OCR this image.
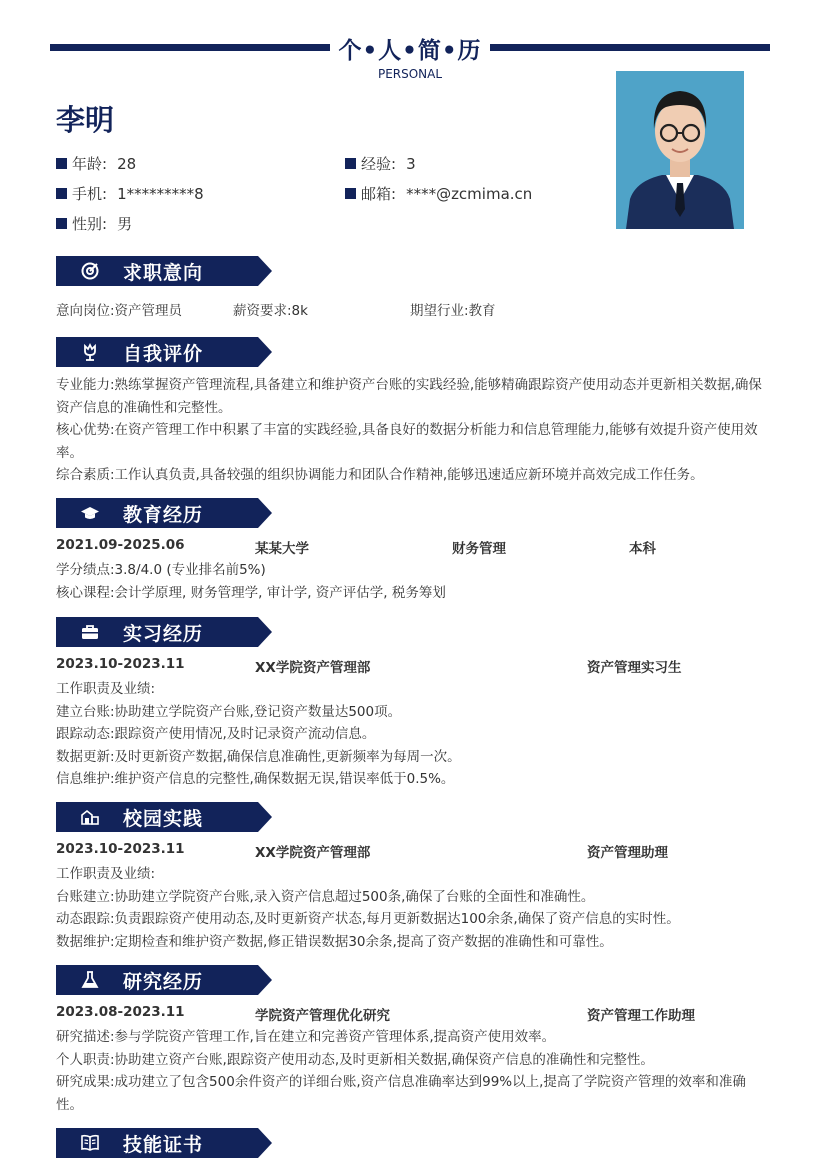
个•人•简•历
PERSONAL
李明
年龄: 28	经验: 3
手机: 1*********8	邮箱: ****@zcmima.cn
性别: 男
求职意向
意向岗位:资产管理员	薪资要求:8k	期望行业:教育
自我评价
专业能力:熟练掌握资产管理流程,具备建立和维护资产台账的实践经验,能够精确跟踪资产使用动态并更新相关数据,确保资产信息的准确性和完整性。
核心优势:在资产管理工作中积累了丰富的实践经验,具备良好的数据分析能力和信息管理能力,能够有效提升资产使用效率。
综合素质:工作认真负责,具备较强的组织协调能力和团队合作精神,能够迅速适应新环境并高效完成工作任务。
教育经历
2021.09-2025.06	某某大学	财务管理	本科
学分绩点:3.8/4.0 (专业排名前5%)
核心课程:会计学原理, 财务管理学, 审计学, 资产评估学, 税务筹划
实习经历
2023.10-2023.11	XX学院资产管理部	资产管理实习生
工作职责及业绩:
建立台账:协助建立学院资产台账,登记资产数量达500项。
跟踪动态:跟踪资产使用情况,及时记录资产流动信息。
数据更新:及时更新资产数据,确保信息准确性,更新频率为每周一次。
信息维护:维护资产信息的完整性,确保数据无误,错误率低于0.5%。
校园实践
2023.10-2023.11	XX学院资产管理部	资产管理助理
工作职责及业绩:
台账建立:协助建立学院资产台账,录入资产信息超过500条,确保了台账的全面性和准确性。
动态跟踪:负责跟踪资产使用动态,及时更新资产状态,每月更新数据达100余条,确保了资产信息的实时性。
数据维护:定期检查和维护资产数据,修正错误数据30余条,提高了资产数据的准确性和可靠性。
研究经历
2023.08-2023.11	学院资产管理优化研究	资产管理工作助理
研究描述:参与学院资产管理工作,旨在建立和完善资产管理体系,提高资产使用效率。
个人职责:协助建立资产台账,跟踪资产使用动态,及时更新相关数据,确保资产信息的准确性和完整性。
研究成果:成功建立了包含500余件资产的详细台账,资产信息准确率达到99%以上,提高了学院资产管理的效率和准确性。
技能证书
